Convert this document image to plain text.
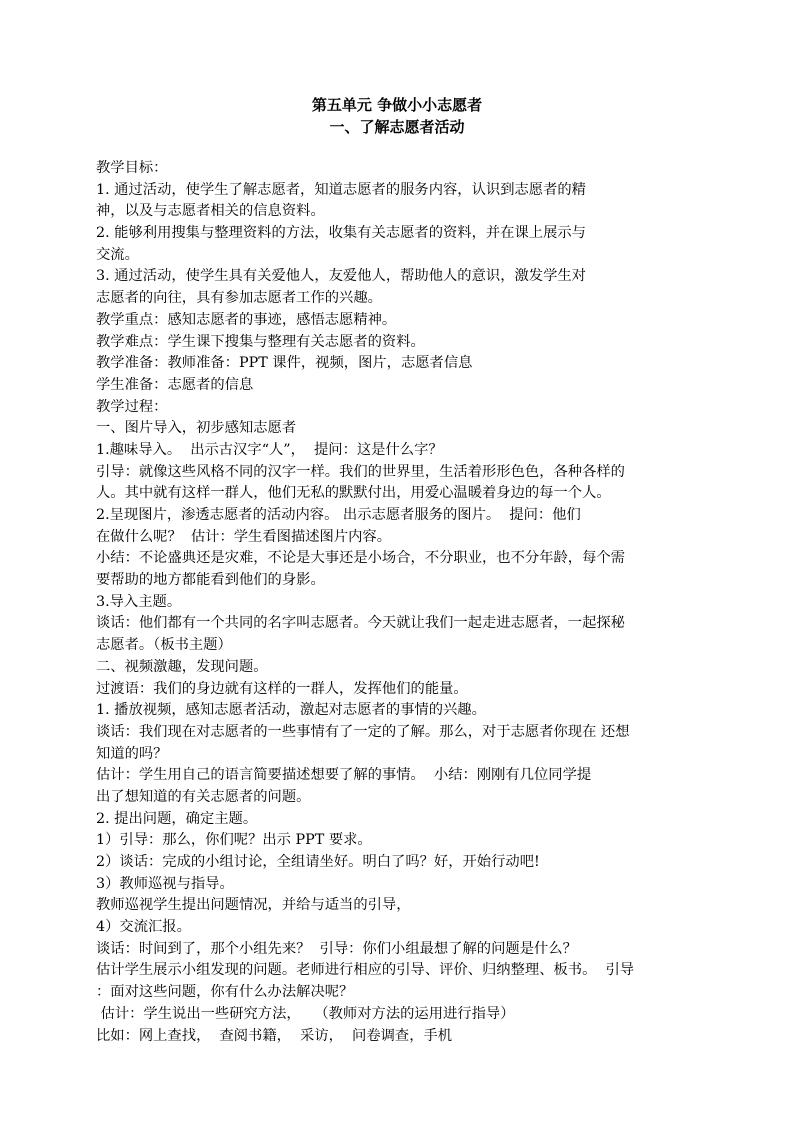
第五单元 争做小小志愿者
一、了解志愿者活动
教学目标：
1. 通过活动，使学生了解志愿者，知道志愿者的服务内容，认识到志愿者的精
神，以及与志愿者相关的信息资料。
2. 能够利用搜集与整理资料的方法，收集有关志愿者的资料，并在课上展示与
交流。
3. 通过活动，使学生具有关爱他人，友爱他人，帮助他人的意识，激发学生对
志愿者的向往，具有参加志愿者工作的兴趣。
教学重点：感知志愿者的事迹，感悟志愿精神。
教学难点：学生课下搜集与整理有关志愿者的资料。
教学准备：教师准备：PPT 课件，视频，图片，志愿者信息
学生准备：志愿者的信息
教学过程：
一、图片导入，初步感知志愿者
1.趣味导入。  出示古汉字“人”，  提问：这是什么字？
引导：就像这些风格不同的汉字一样。我们的世界里，生活着形形色色，各种各样的
人。其中就有这样一群人，他们无私的默默付出，用爱心温暖着身边的每一个人。
2.呈现图片，渗透志愿者的活动内容。 出示志愿者服务的图片。  提问：他们
在做什么呢？  估计：学生看图描述图片内容。
小结：不论盛典还是灾难，不论是大事还是小场合，不分职业，也不分年龄，每个需
要帮助的地方都能看到他们的身影。
3.导入主题。
谈话：他们都有一个共同的名字叫志愿者。今天就让我们一起走进志愿者，一起探秘
志愿者。（板书主题）
二、视频激趣，发现问题。
过渡语：我们的身边就有这样的一群人，发挥他们的能量。
1. 播放视频，感知志愿者活动，激起对志愿者的事情的兴趣。
谈话：我们现在对志愿者的一些事情有了一定的了解。那么，对于志愿者你现在 还想
知道的吗？
估计：学生用自己的语言简要描述想要了解的事情。  小结：刚刚有几位同学提
出了想知道的有关志愿者的问题。
2. 提出问题，确定主题。
1）引导：那么，你们呢？出示 PPT 要求。
2）谈话：完成的小组讨论，全组请坐好。明白了吗？好，开始行动吧!
3）教师巡视与指导。
教师巡视学生提出问题情况，并给与适当的引导，
4）交流汇报。
谈话：时间到了，那个小组先来？  引导：你们小组最想了解的问题是什么？
估计学生展示小组发现的问题。老师进行相应的引导、评价、归纳整理、板书。  引导
：面对这些问题，你有什么办法解决呢？
估计：学生说出一些研究方法，   （教师对方法的运用进行指导）
比如：网上查找，  查阅书籍，  采访，  问卷调查，手机
